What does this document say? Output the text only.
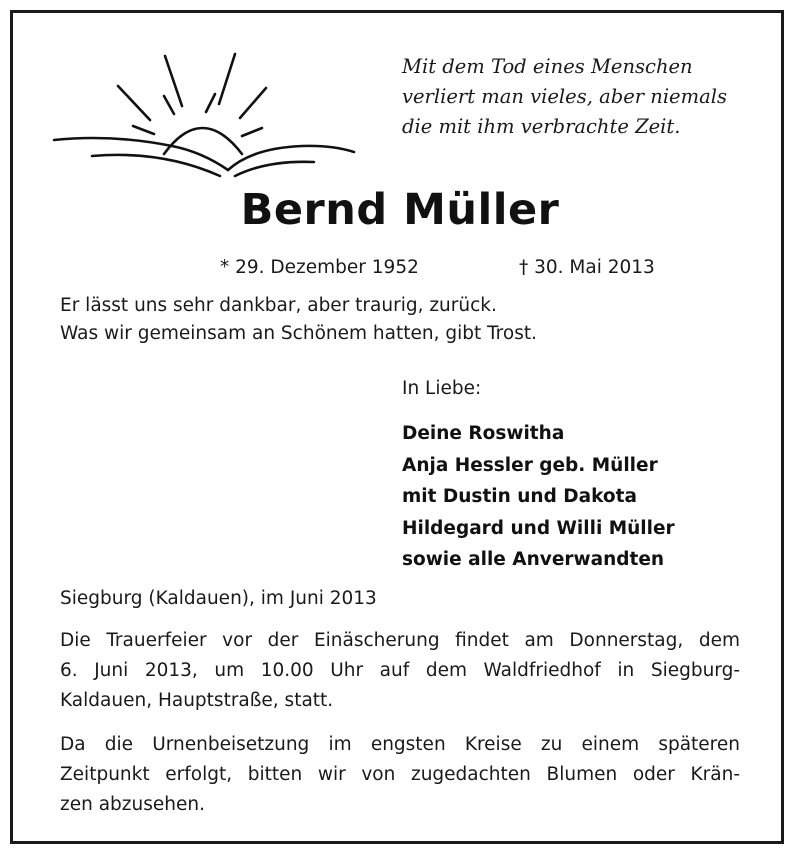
Mit dem Tod eines Menschen
verliert man vieles, aber niemals
die mit ihm verbrachte Zeit.
Bernd Müller
* 29. Dezember 1952	† 30. Mai 2013
Er lässt uns sehr dankbar, aber traurig, zurück.
Was wir gemeinsam an Schönem hatten, gibt Trost.
In Liebe:
Deine Roswitha
Anja Hessler geb. Müller
mit Dustin und Dakota
Hildegard und Willi Müller
sowie alle Anverwandten
Siegburg (Kaldauen), im Juni 2013
Die Trauerfeier vor der Einäscherung findet am Donnerstag, dem
6. Juni 2013, um 10.00 Uhr auf dem Waldfriedhof in Siegburg-
Kaldauen, Hauptstraße, statt.
Da die Urnenbeisetzung im engsten Kreise zu einem späteren
Zeitpunkt erfolgt, bitten wir von zugedachten Blumen oder Krän-
zen abzusehen.
